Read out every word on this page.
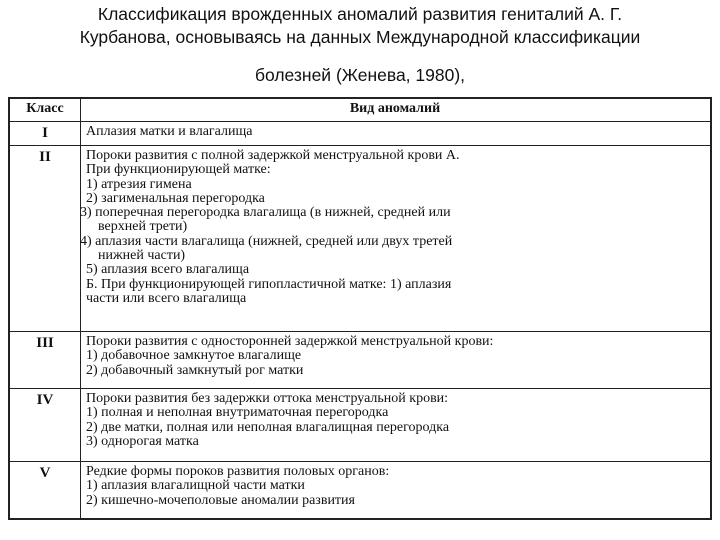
Классификация врожденных аномалий развития гениталий А. Г.
Курбанова, основываясь на данных Международной классификации
болезней (Женева, 1980),
Класс	Вид аномалий
I	Аплазия матки и влагалища
II	Пороки развития с полной задержкой менструальной крови А.
При функционирующей матке:
1) атрезия гимена
2) загименальная перегородка
3) поперечная перегородка влагалища (в нижней, средней или
верхней трети)
4) аплазия части влагалища (нижней, средней или двух третей
нижней части)
5) аплазия всего влагалища
Б. При функционирующей гипопластичной матке: 1) аплазия
части или всего влагалища
III	Пороки развития с односторонней задержкой менструальной крови:
1) добавочное замкнутое влагалище
2) добавочный замкнутый рог матки
IV	Пороки развития без задержки оттока менструальной крови:
1) полная и неполная внутриматочная перегородка
2) две матки, полная или неполная влагалищная перегородка
3) однорогая матка
V	Редкие формы пороков развития половых органов:
1) аплазия влагалищной части матки
2) кишечно-мочеполовые аномалии развития
